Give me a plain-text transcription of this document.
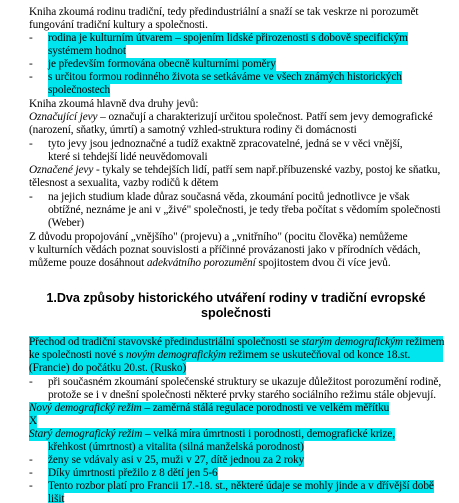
Kniha zkoumá rodinu tradiční, tedy předindustriální a snaží se tak veskrze ni porozumět
fungování tradiční kultury a společnosti.
- rodina je kulturním útvarem – spojením lidské přirozenosti s dobově specifickým
systémem hodnot
- je především formována obecně kulturními poměry
- s určitou formou rodinného života se setkáváme ve všech známých historických
společnostech
Kniha zkoumá hlavně dva druhy jevů:
Označující jevy – označují a charakterizují určitou společnost. Patří sem jevy demografické
(narození, sňatky, úmrtí) a samotný vzhled-struktura rodiny či domácnosti
- tyto jevy jsou jednoznačné a tudíž exaktně zpracovatelné, jedná se v věci vnější,
které si tehdejší lidé neuvědomovali
Označené jevy - tykaly se tehdejších lidí, patří sem např.příbuzenské vazby, postoj ke sňatku,
tělesnost a sexualita, vazby rodičů k dětem
- na jejich studium klade důraz současná věda, zkoumání pocitů jednotlivce je však
obtížné, neznáme je ani v „živé" společnosti, je tedy třeba počítat s vědomím společnosti
(Weber)
Z důvodu propojování „vnějšího" (projevu) a „vnitřního" (pocitu člověka) nemůžeme
v kulturních vědách poznat souvislosti a příčinné provázanosti jako v přírodních vědách,
můžeme pouze dosáhnout adekvátního porozumění spojitostem dvou či více jevů.
1.Dva způsoby historického utváření rodiny v tradiční evropské
společnosti
Přechod od tradiční stavovské předindustriální společnosti se starým demografickým režimem
ke společnosti nové s novým demografickým režimem se uskutečňoval od konce 18.st.
(Francie) do počátku 20.st. (Rusko)
- při současném zkoumání společenské struktury se ukazuje důležitost porozumění rodině,
protože se i v dnešní společnosti některé prvky starého sociálního režimu stále objevují.
Nový demografický režim – zaměrná stálá regulace porodnosti ve velkém měřítku
X
Starý demografický režim – velká míra úmrtnosti i porodnosti, demografické krize,
křehkost (úmrtnost) a vitalita (silná manželská porodnost)
- ženy se vdávaly asi v 25, muži v 27, dítě jednou za 2 roky
- Díky úmrtnosti přežilo z 8 dětí jen 5-6
- Tento rozbor platí pro Francii 17.-18. st., některé údaje se mohly jinde a v dřívější době
lišit
